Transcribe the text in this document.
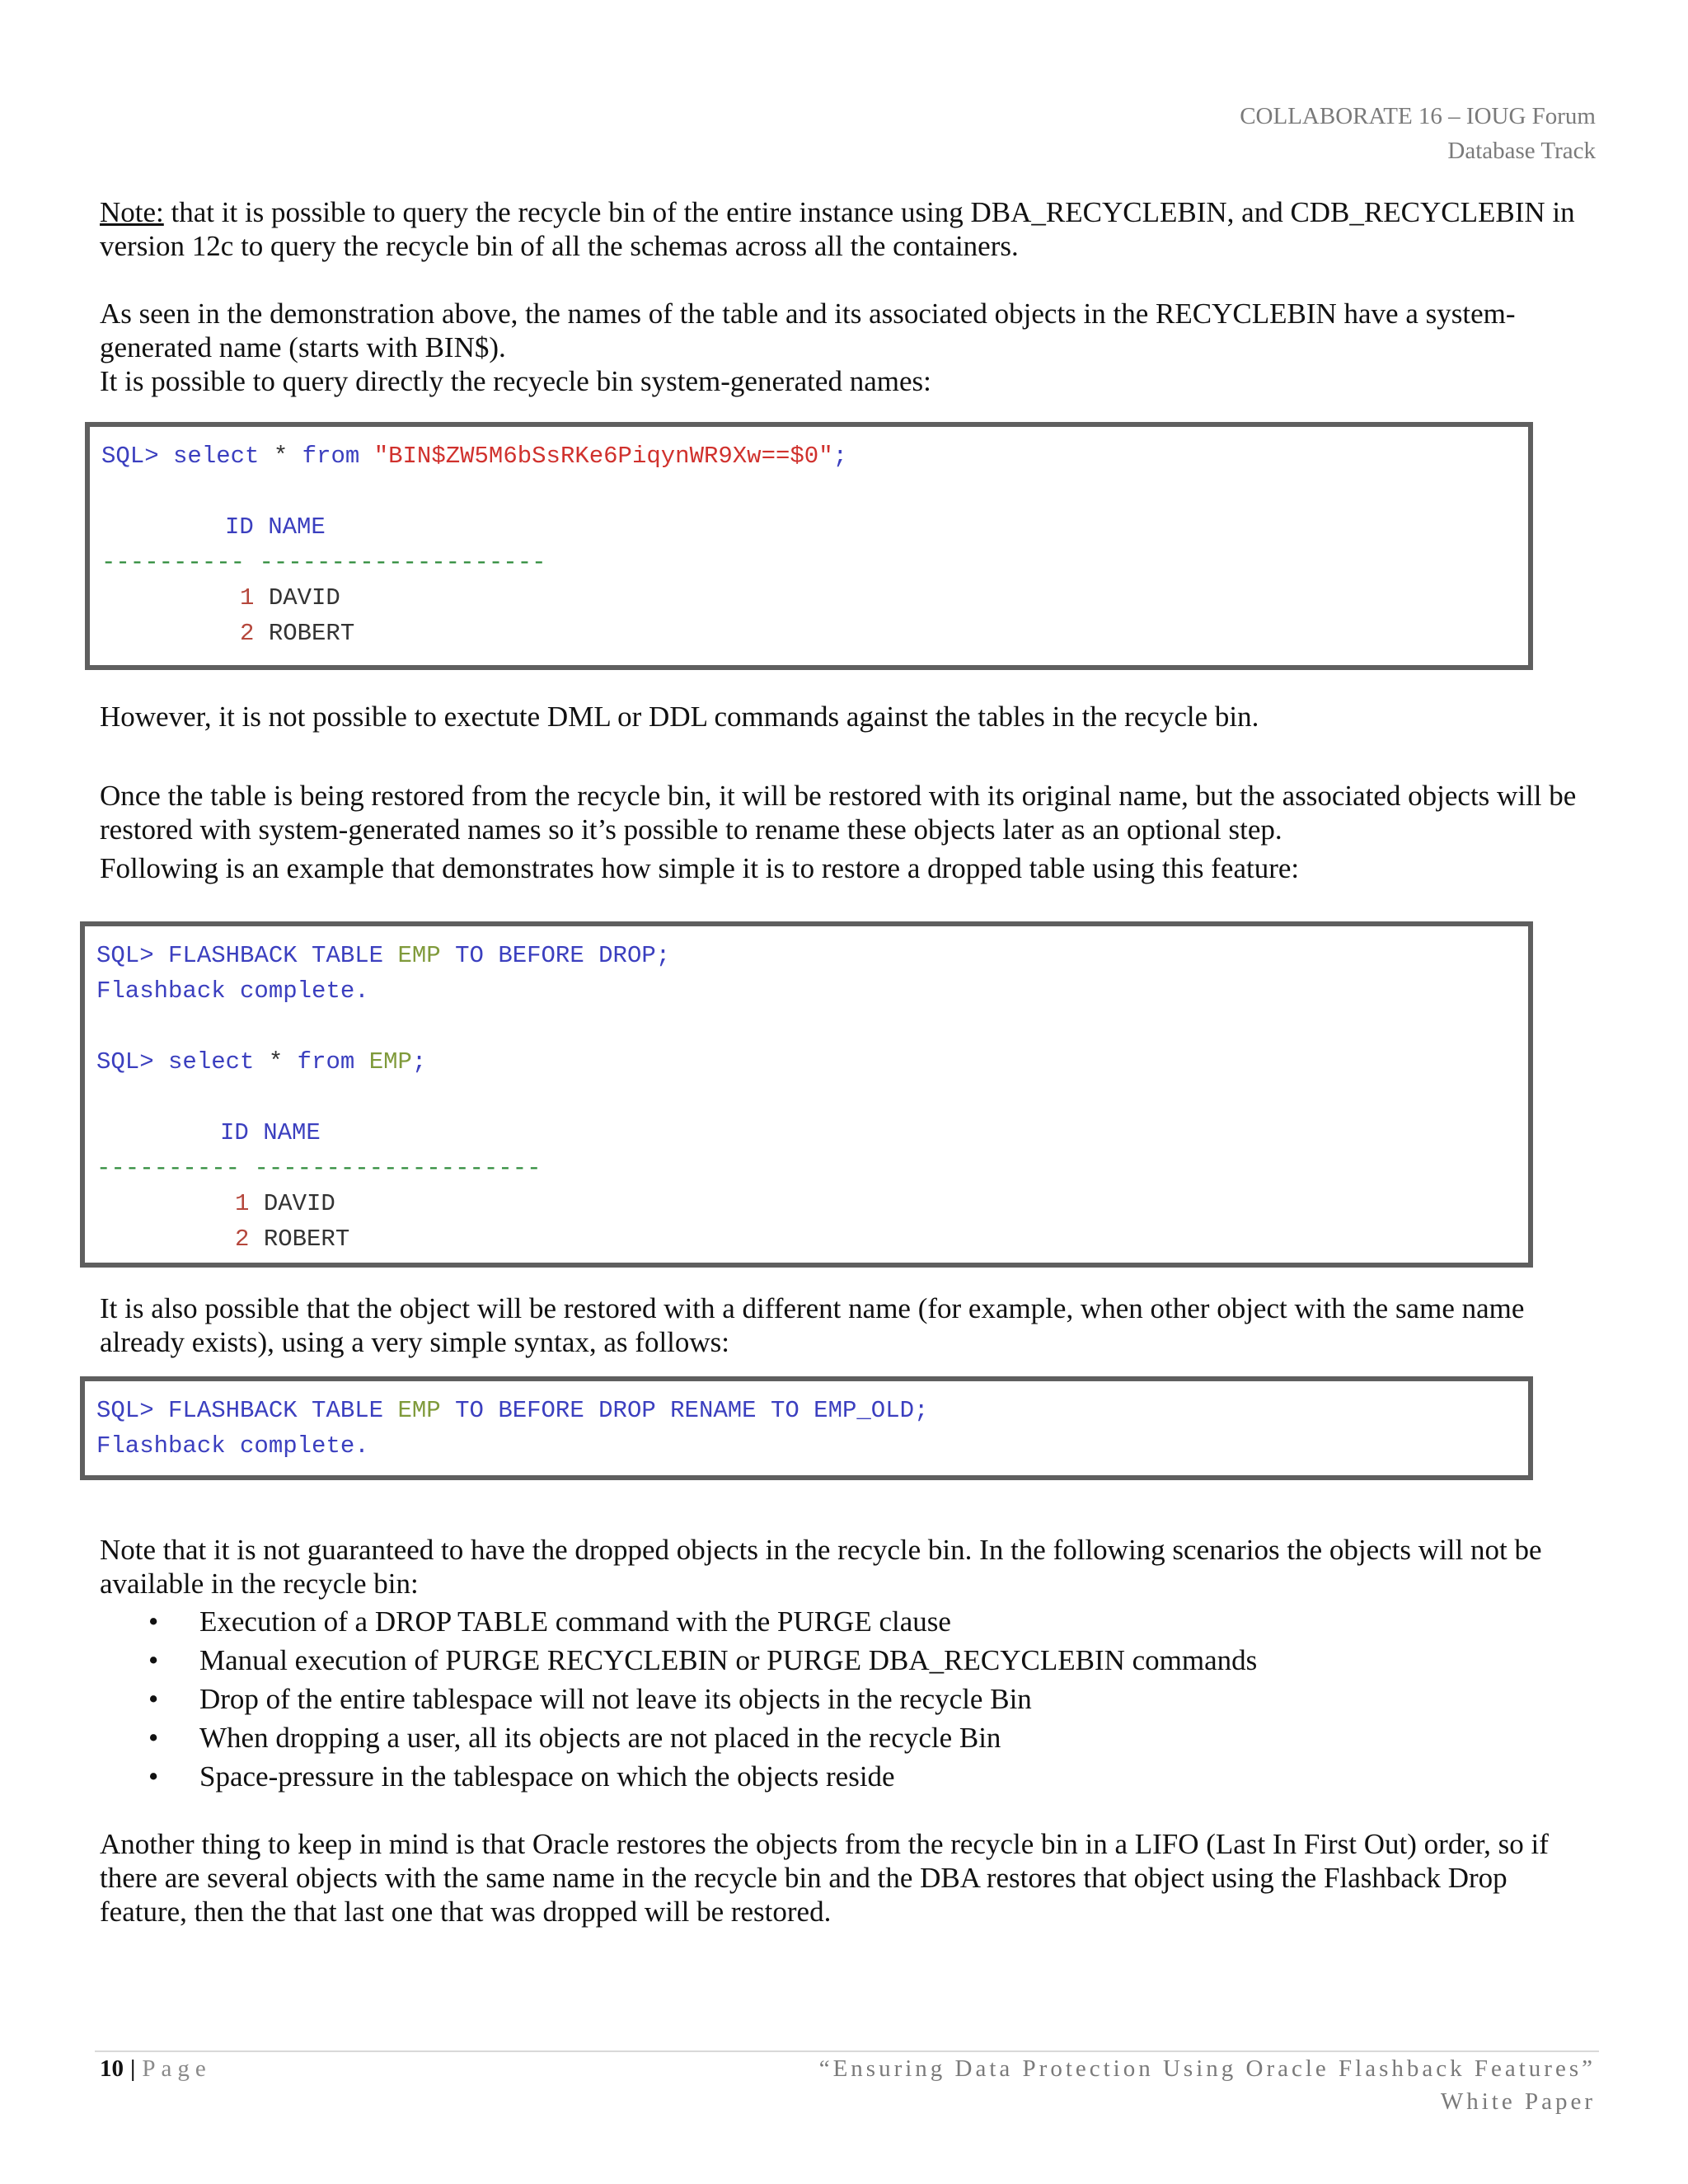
COLLABORATE 16 – IOUG Forum
Database Track

Note: that it is possible to query the recycle bin of the entire instance using DBA_RECYCLEBIN, and CDB_RECYCLEBIN in version 12c to query the recycle bin of all the schemas across all the containers.

As seen in the demonstration above, the names of the table and its associated objects in the RECYCLEBIN have a system-generated name (starts with BIN$).

It is possible to query directly the recyecle bin system-generated names:

SQL> select * from "BIN$ZW5M6bSsRKe6PiqynWR9Xw==$0";

ID NAME
---------- --------------------
1 DAVID
2 ROBERT

However, it is not possible to exectute DML or DDL commands against the tables in the recycle bin.

Once the table is being restored from the recycle bin, it will be restored with its original name, but the associated objects will be restored with system-generated names so it’s possible to rename these objects later as an optional step.

Following is an example that demonstrates how simple it is to restore a dropped table using this feature:

SQL> FLASHBACK TABLE EMP TO BEFORE DROP;
Flashback complete.

SQL> select * from EMP;

ID NAME
---------- --------------------
1 DAVID
2 ROBERT

It is also possible that the object will be restored with a different name (for example, when other object with the same name already exists), using a very simple syntax, as follows:

SQL> FLASHBACK TABLE EMP TO BEFORE DROP RENAME TO EMP_OLD;
Flashback complete.

Note that it is not guaranteed to have the dropped objects in the recycle bin. In the following scenarios the objects will not be available in the recycle bin:

• Execution of a DROP TABLE command with the PURGE clause
• Manual execution of PURGE RECYCLEBIN or PURGE DBA_RECYCLEBIN commands
• Drop of the entire tablespace will not leave its objects in the recycle Bin
• When dropping a user, all its objects are not placed in the recycle Bin
• Space-pressure in the tablespace on which the objects reside

Another thing to keep in mind is that Oracle restores the objects from the recycle bin in a LIFO (Last In First Out) order, so if there are several objects with the same name in the recycle bin and the DBA restores that object using the Flashback Drop feature, then the that last one that was dropped will be restored.

10 | Page	“Ensuring Data Protection Using Oracle Flashback Features”
White Paper
